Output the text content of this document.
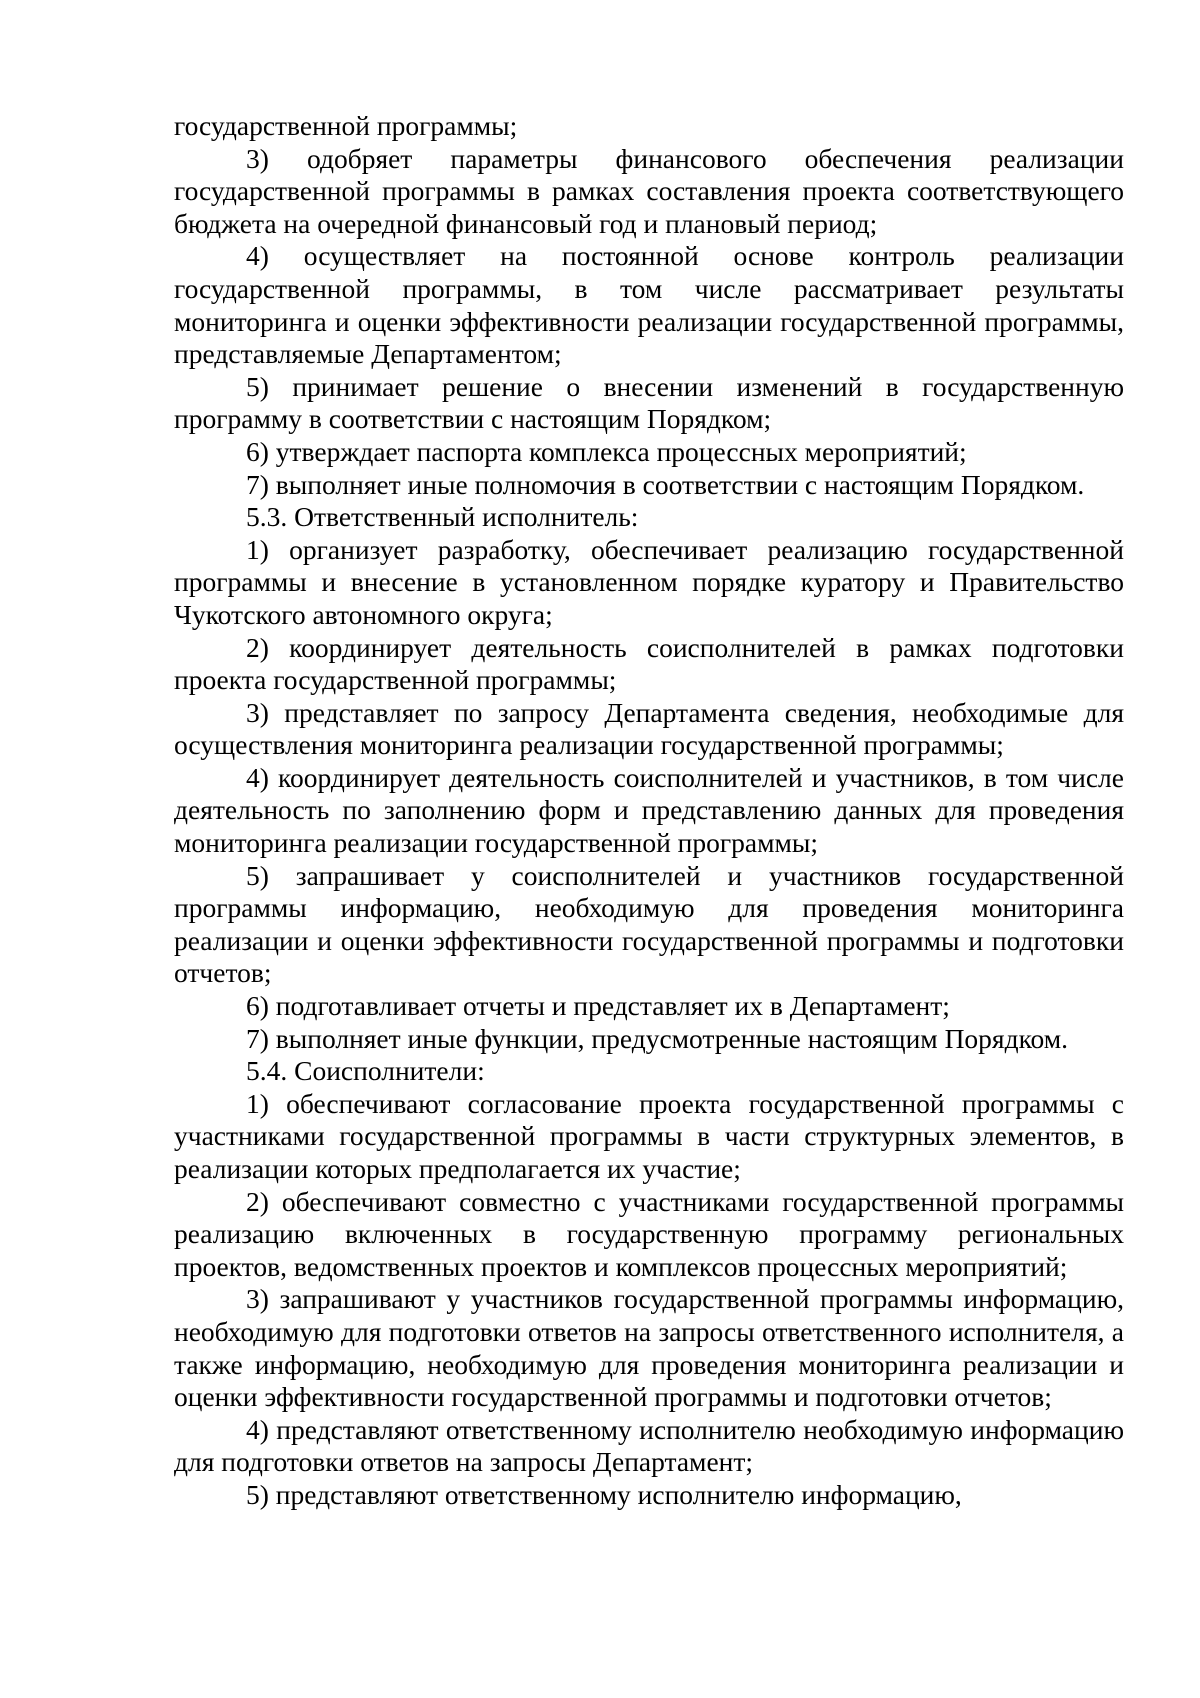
государственной программы;

3) одобряет параметры финансового обеспечения реализации государственной программы в рамках составления проекта соответствующего бюджета на очередной финансовый год и плановый период;

4) осуществляет на постоянной основе контроль реализации государственной программы, в том числе рассматривает результаты мониторинга и оценки эффективности реализации государственной программы, представляемые Департаментом;

5) принимает решение о внесении изменений в государственную программу в соответствии с настоящим Порядком;

6) утверждает паспорта комплекса процессных мероприятий;

7) выполняет иные полномочия в соответствии с настоящим Порядком.

5.3. Ответственный исполнитель:

1) организует разработку, обеспечивает реализацию государственной программы и внесение в установленном порядке куратору и Правительство Чукотского автономного округа;

2) координирует деятельность соисполнителей в рамках подготовки проекта государственной программы;

3) представляет по запросу Департамента сведения, необходимые для осуществления мониторинга реализации государственной программы;

4) координирует деятельность соисполнителей и участников, в том числе деятельность по заполнению форм и представлению данных для проведения мониторинга реализации государственной программы;

5) запрашивает у соисполнителей и участников государственной программы информацию, необходимую для проведения мониторинга реализации и оценки эффективности государственной программы и подготовки отчетов;

6) подготавливает отчеты и представляет их в Департамент;

7) выполняет иные функции, предусмотренные настоящим Порядком.

5.4. Соисполнители:

1) обеспечивают согласование проекта государственной программы с участниками государственной программы в части структурных элементов, в реализации которых предполагается их участие;

2) обеспечивают совместно с участниками государственной программы реализацию включенных в государственную программу региональных проектов, ведомственных проектов и комплексов процессных мероприятий;

3) запрашивают у участников государственной программы информацию, необходимую для подготовки ответов на запросы ответственного исполнителя, а также информацию, необходимую для проведения мониторинга реализации и оценки эффективности государственной программы и подготовки отчетов;

4) представляют ответственному исполнителю необходимую информацию для подготовки ответов на запросы Департамент;

5) представляют ответственному исполнителю информацию,
